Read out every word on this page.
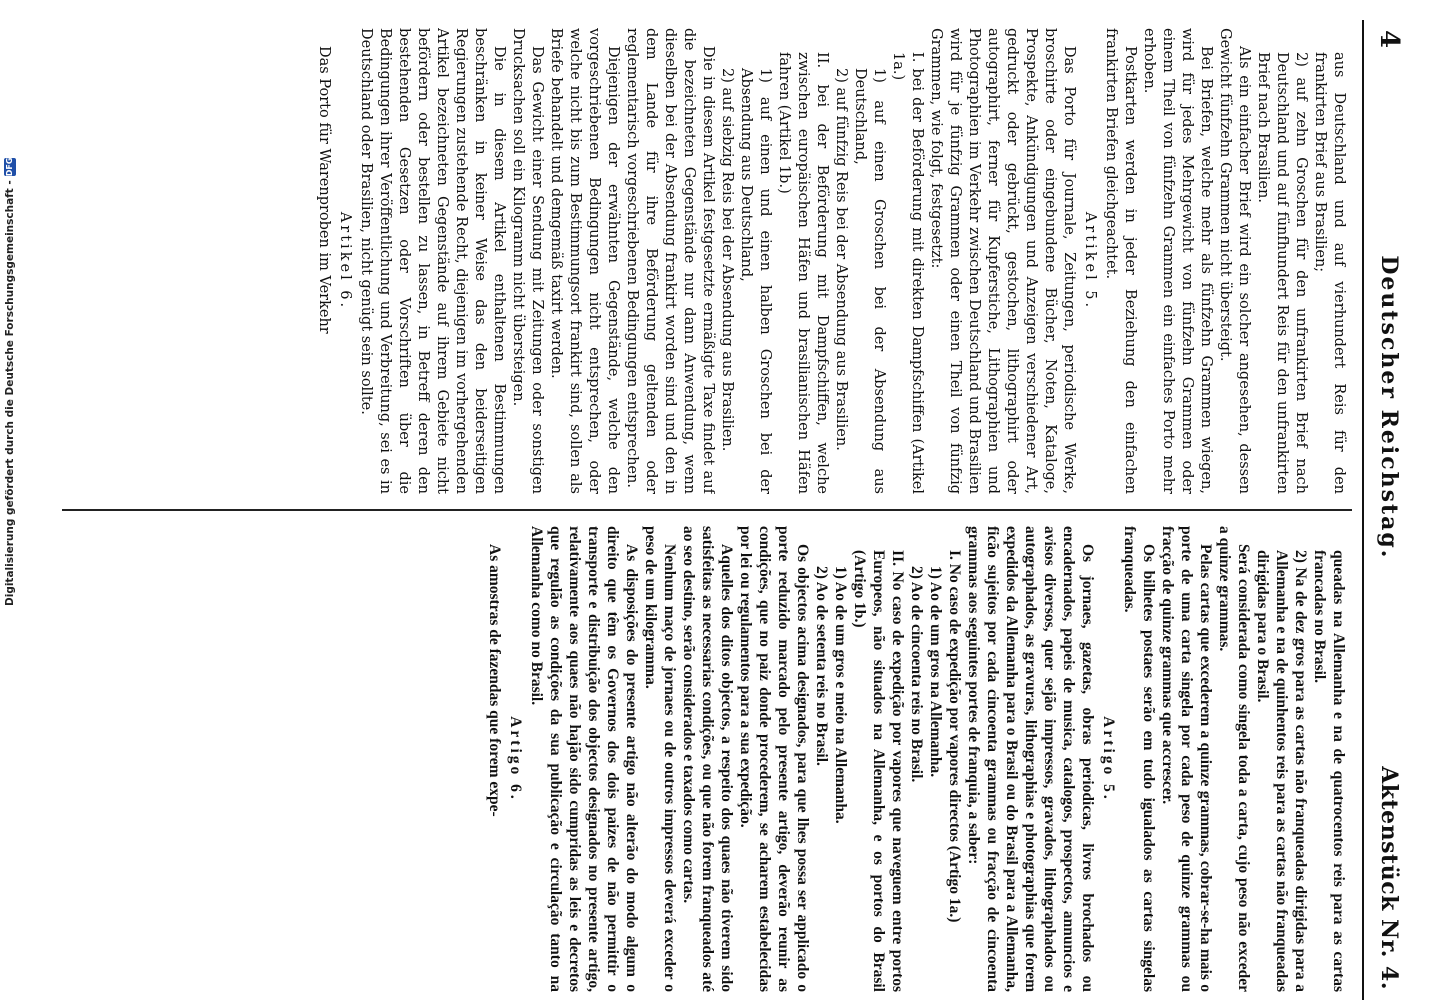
4
Deutscher Reichstag.
Aktenstück Nr. 4.

aus Deutschland und auf vierhundert Reis für den frankirten Brief aus Brasilien;

2) auf zehn Groschen für den unfrankirten Brief nach Deutschland und auf fünfhundert Reis für den unfrankirten Brief nach Brasilien.

Als ein einfacher Brief wird ein solcher angesehen, dessen Gewicht fünfzehn Grammen nicht übersteigt.

Bei Briefen, welche mehr als fünfzehn Grammen wiegen, wird für jedes Mehrgewicht von fünfzehn Grammen oder einem Theil von fünfzehn Grammen ein einfaches Porto mehr erhoben.

Postkarten werden in jeder Beziehung den einfachen frankirten Briefen gleichgeachtet.

Artikel 5.

Das Porto für Journale, Zeitungen, periodische Werke, broschirte oder eingebundene Bücher, Noten, Kataloge, Prospekte, Ankündigungen und Anzeigen verschiedener Art, gedruckt oder gebrückt, gestochen, lithographirt oder autographirt, ferner für Kupferstiche, Lithographien und Photographien im Verkehr zwischen Deutschland und Brasilien wird für je fünfzig Grammen oder einen Theil von fünfzig Grammen, wie folgt, festgesetzt:

I. bei der Beförderung mit direkten Dampfschiffen (Artikel 1a.)

1) auf einen Groschen bei der Absendung aus Deutschland,

2) auf fünfzig Reis bei der Absendung aus Brasilien.

II. bei der Beförderung mit Dampfschiffen, welche zwischen europäischen Häfen und brasilianischen Häfen fahren (Artikel 1b.)

1) auf einen und einen halben Groschen bei der Absendung aus Deutschland,

2) auf siebzig Reis bei der Absendung aus Brasilien.

Die in diesem Artikel festgesetzte ermäßigte Taxe findet auf die bezeichneten Gegenstände nur dann Anwendung, wenn dieselben bei der Absendung frankirt worden sind und den in dem Lande für ihre Beförderung geltenden oder reglementarisch vorgeschriebenen Bedingungen entsprechen.

Diejenigen der erwähnten Gegenstände, welche den vorgeschriebenen Bedingungen nicht entsprechen, oder welche nicht bis zum Bestimmungsort frankirt sind, sollen als Briefe behandelt und demgemäß taxirt werden.

Das Gewicht einer Sendung mit Zeitungen oder sonstigen Drucksachen soll ein Kilogramm nicht übersteigen.

Die in diesem Artikel enthaltenen Bestimmungen beschränken in keiner Weise das den beiderseitigen Regierungen zustehende Recht, diejenigen im vorhergehenden Artikel bezeichneten Gegenstände auf ihrem Gebiete nicht befördern oder bestellen zu lassen, in Betreff deren den bestehenden Gesetzen oder Vorschriften über die Bedingungen ihrer Veröffentlichung und Verbreitung, sei es in Deutschland oder Brasilien, nicht genügt sein sollte.

Artikel 6.

Das Porto für Warenproben im Verkehr

queadas na Allemanha e na de quatrocentos reis para as cartas francadas no Brasil.

2) Na de dez gros para as cartas não franqueadas dirigidas para a Allemanha e na de quinhentos reis para as cartas não franqueadas dirigidas para o Brasil.

Será considerada como singela toda a carta, cujo peso não exceder a quinze grammas.

Pelas cartas que excederem a quinze grammas, cobrar-se-ha mais o porte de uma carta singela por cada peso de quinze grammas ou fracção de quinze grammas que accrescer.

Os bilhetes postaes serão em tudo igualados as cartas singelas franqueadas.

Artigo 5.

Os jornaes, gazetas, obras periodicas, livros brochados ou encadernados, papeis de musica, catalogos, prospectos, annuncios e avisos diversos, quer sejão impressos, gravados, lithographados ou autographados, as gravuras, lithographias e photographias que forem expedidos da Allemanha para o Brasil ou do Brasil para a Allemanha, ficão sujeitos por cada cincoenta grammas ou fracção de cincoenta grammas aos seguintes portes de franquia, a saber:

I. No caso de expedição por vapores directos (Artigo 1a.)

1) Ao de um gros na Allemanha.

2) Ao de cincoenta reis no Brasil.

II. No caso de expedição por vapores que naveguem entre portos Europeos, não situados na Allemanha, e os portos do Brasil (Artigo 1b.)

1) Ao de um gros e meio na Allemanha.

2) Ao de setenta reis no Brasil.

Os objectos acima designados, para que lhes possa ser applicado o porte reduzido marcado pelo presente artigo, deverão reunir as condições, que no paiz donde procederem, se acharem estabelecidas por lei ou regulamentos para a sua expedição.

Aquelles dos ditos objectos, a respeito dos quaes não tiverem sido satisfeitas as necessarias condições, ou que não forem franqueados até ao seo destino, serão considerados e taxados como cartas.

Nenhum maço de jornaes ou de outros impressos deverá exceder o peso de um kilogramma.

As disposições do presente artigo não alterão do modo algum o direito que têm os Governos dos dois paizes de não permittir o transporte e distribuição dos objectos designados no presente artigo, relativamente aos quaes não hajão sido cumpridas as leis e decretos que regulão as condições da sua publicação e circulação tanto na Allemanha como no Brasil.

Artigo 6.

As amostras de fazendas que forem expe-

Digitalisierung gefördert durch die Deutsche Forschungsgemeinschaft -
DFG
